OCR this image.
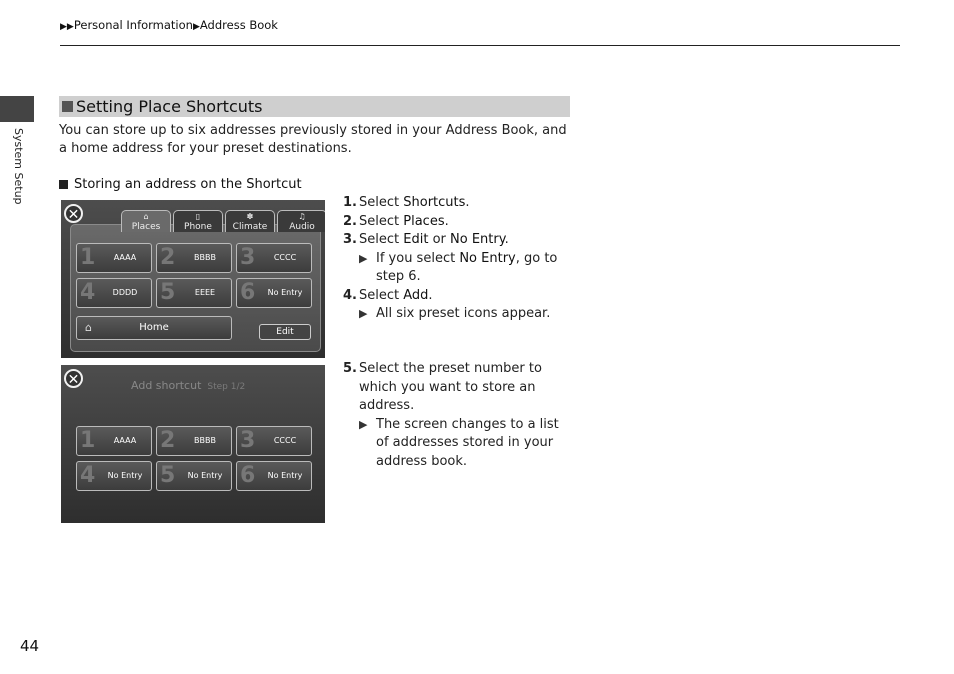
▶▶Personal Information▶Address Book
System Setup
44
Setting Place Shortcuts
You can store up to six addresses previously stored in your Address Book, and a home address for your preset destinations.
Storing an address on the Shortcut
✕	⌂
Places
▯
Phone
✽
Climate
♫
Audio
1	AAAA	2	BBBB	3	CCCC
4	DDDD	5	EEEE	6	No Entry
⌂	Home	Edit
✕	Add shortcut Step 1/2
1	AAAA	2	BBBB	3	CCCC
4	No Entry 5	No Entry 6	No Entry
1. Select Shortcuts.
2. Select Places.
3. Select Edit or No Entry.
▶ If you select No Entry, go to step 6.
4. Select Add.
▶ All six preset icons appear.
5. Select the preset number to which you want to store an address.
▶ The screen changes to a list of addresses stored in your address book.
